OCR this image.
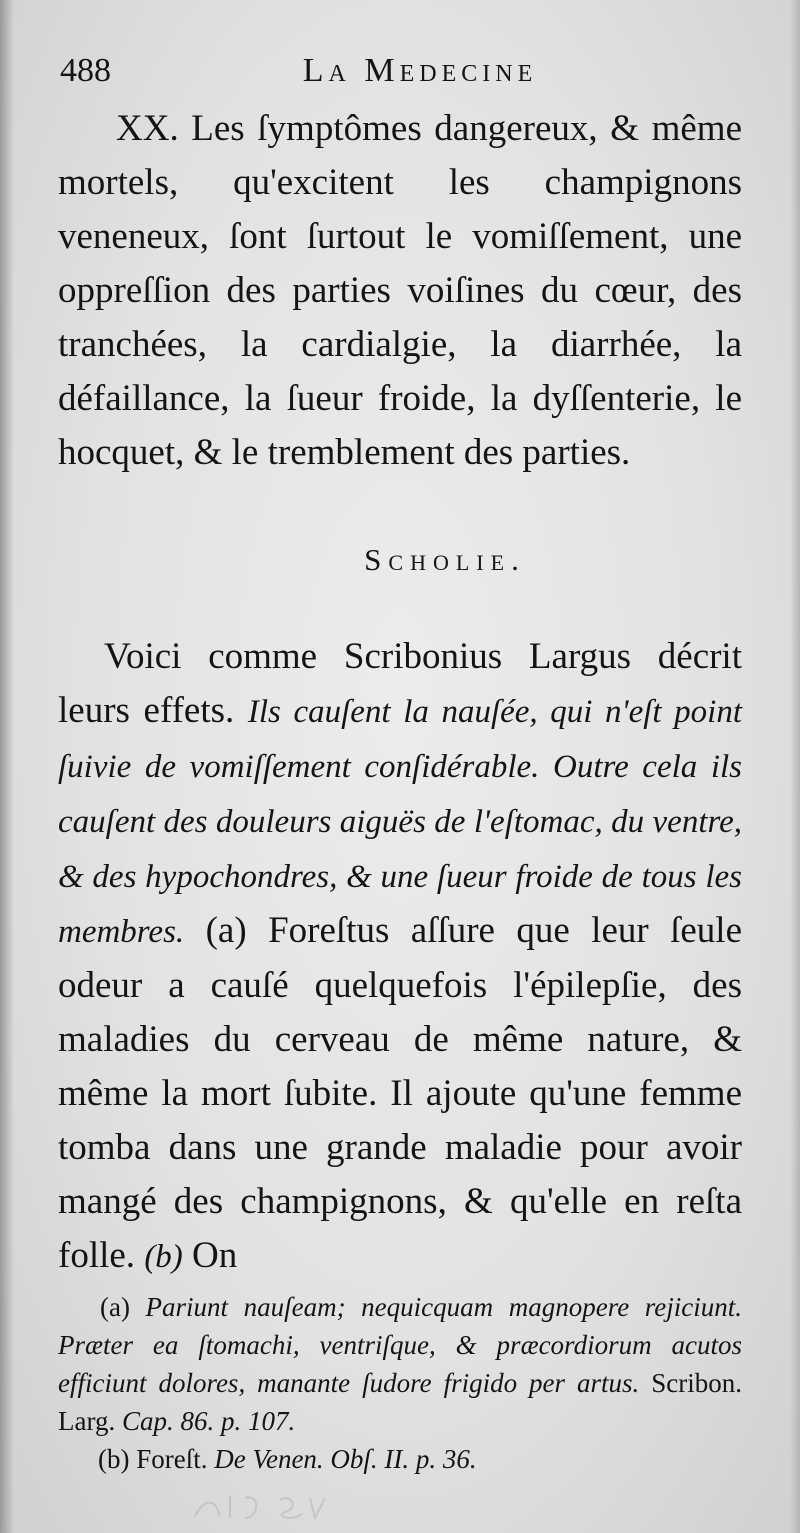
488	La Medecine

XX. Les ſymptômes dangereux, & même mortels, qu'excitent les champignons veneneux, ſont ſurtout le vomiſſement, une oppreſſion des parties voiſines du cœur, des tranchées, la cardialgie, la diarrhée, la défaillance, la ſueur froide, la dyſſenterie, le hocquet, & le tremblement des parties.

Scholie.

Voici comme Scribonius Largus décrit leurs effets. Ils cauſent la nauſée, qui n'eſt point ſuivie de vomiſſement conſidérable. Outre cela ils cauſent des douleurs aiguës de l'eſtomac, du ventre, & des hypochondres, & une ſueur froide de tous les membres. (a) Foreſtus aſſure que leur ſeule odeur a cauſé quelquefois l'épilepſie, des maladies du cerveau de même nature, & même la mort ſubite. Il ajoute qu'une femme tomba dans une grande maladie pour avoir mangé des champignons, & qu'elle en reſta folle. (b) On

(a) Pariunt nauſeam; nequicquam magnopere rejiciunt. Præter ea ſtomachi, ventriſque, & præcordiorum acutos efficiunt dolores, manante ſudore frigido per artus. Scribon. Larg. Cap. 86. p. 107.

(b) Foreſt. De Venen. Obſ. II. p. 36.
